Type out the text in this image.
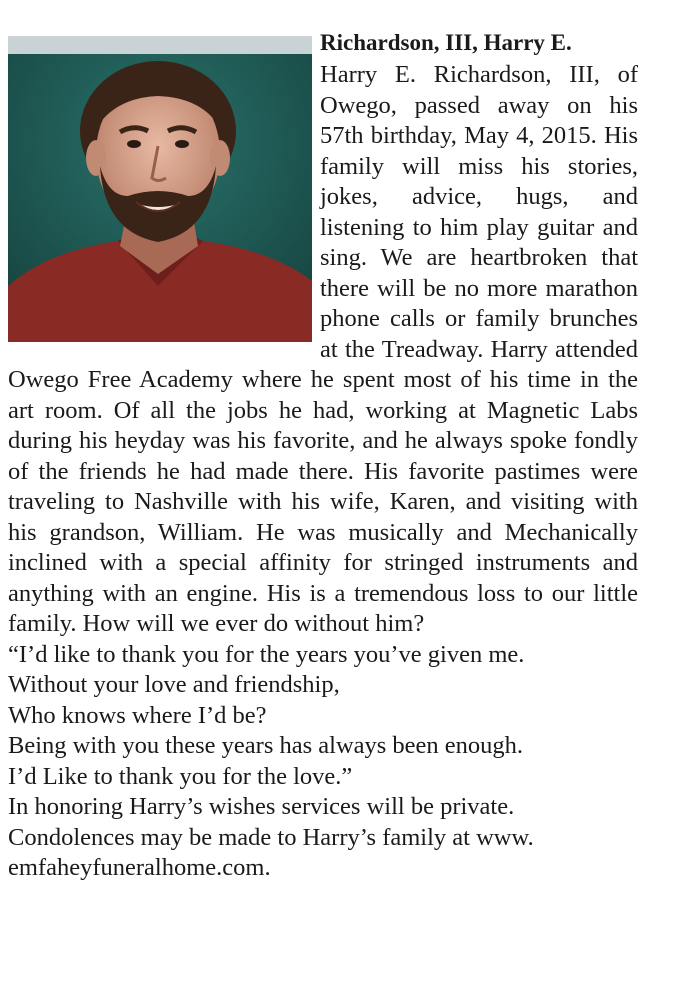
Richardson, III, Harry E.

Harry E. Richardson, III, of Owego, passed away on his 57th birthday, May 4, 2015. His family will miss his stories, jokes, advice, hugs, and listening to him play guitar and sing. We are heartbroken that there will be no more marathon phone calls or family brunches at the Treadway. Harry attended Owego Free Academy where he spent most of his time in the art room. Of all the jobs he had, working at Magnetic Labs during his heyday was his favorite, and he always spoke fondly of the friends he had made there. His favorite pastimes were traveling to Nashville with his wife, Karen, and visiting with his grandson, William. He was musically and Mechanically inclined with a special affinity for stringed instruments and anything with an engine. His is a tremendous loss to our little family. How will we ever do without him?

“I’d like to thank you for the years you’ve given me.
Without your love and friendship,
Who knows where I’d be?
Being with you these years has always been enough.
I’d Like to thank you for the love.”
In honoring Harry’s wishes services will be private.
Condolences may be made to Harry’s family at www.
emfaheyfuneralhome.com.
